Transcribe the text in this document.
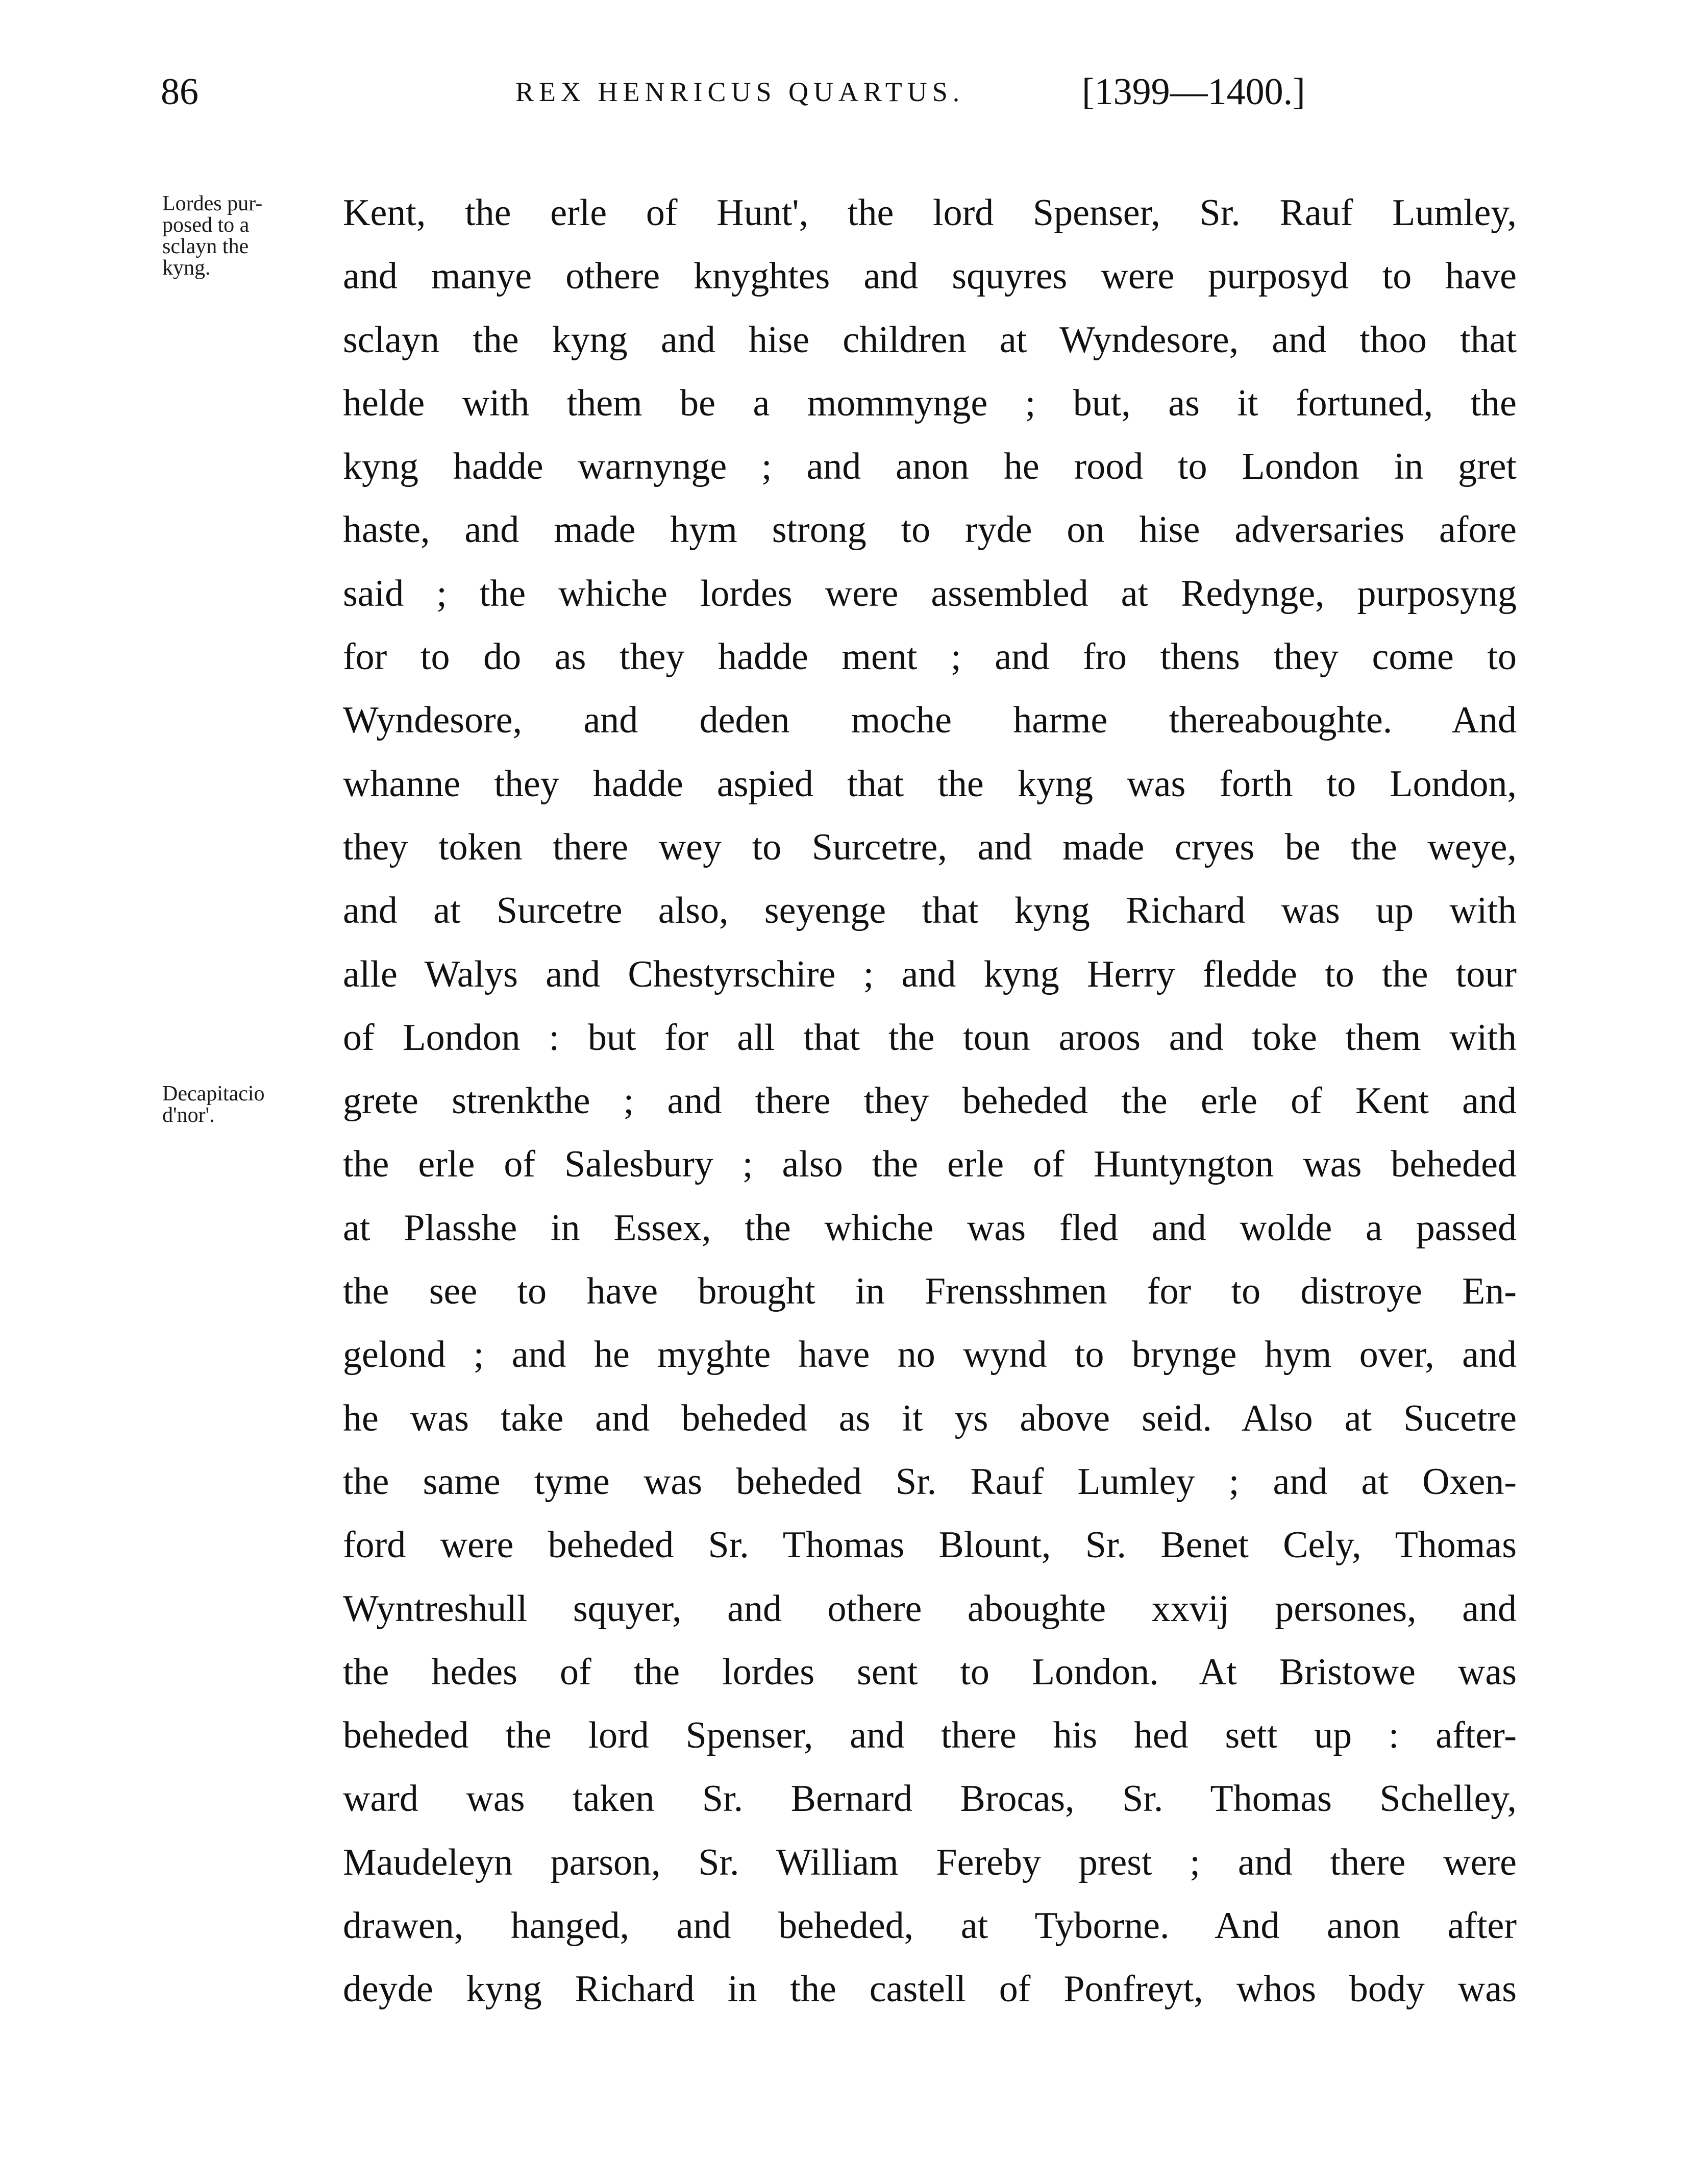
86	REX HENRICUS QUARTUS.	[1399—1400.]
Lordes pur-
posed to a
sclayn the
kyng.
Decapitacio
d'nor'.
Kent, the erle of Hunt', the lord Spenser, Sr. Rauf Lumley,
and manye othere knyghtes and squyres were purposyd to have
sclayn the kyng and hise children at Wyndesore, and thoo that
helde with them be a mommynge ; but, as it fortuned, the
kyng hadde warnynge ; and anon he rood to London in gret
haste, and made hym strong to ryde on hise adversaries afore
said ; the whiche lordes were assembled at Redynge, purposyng
for to do as they hadde ment ; and fro thens they come to
Wyndesore, and deden moche harme thereaboughte. And
whanne they hadde aspied that the kyng was forth to London,
they token there wey to Surcetre, and made cryes be the weye,
and at Surcetre also, seyenge that kyng Richard was up with
alle Walys and Chestyrschire ; and kyng Herry fledde to the tour
of London : but for all that the toun aroos and toke them with
grete strenkthe ; and there they beheded the erle of Kent and
the erle of Salesbury ; also the erle of Huntyngton was beheded
at Plasshe in Essex, the whiche was fled and wolde a passed
the see to have brought in Frensshmen for to distroye En-
gelond ; and he myghte have no wynd to brynge hym over, and
he was take and beheded as it ys above seid. Also at Sucetre
the same tyme was beheded Sr. Rauf Lumley ; and at Oxen-
ford were beheded Sr. Thomas Blount, Sr. Benet Cely, Thomas
Wyntreshull squyer, and othere aboughte xxvij persones, and
the hedes of the lordes sent to London. At Bristowe was
beheded the lord Spenser, and there his hed sett up : after-
ward was taken Sr. Bernard Brocas, Sr. Thomas Schelley,
Maudeleyn parson, Sr. William Fereby prest ; and there were
drawen, hanged, and beheded, at Tyborne. And anon after
deyde kyng Richard in the castell of Ponfreyt, whos body was
